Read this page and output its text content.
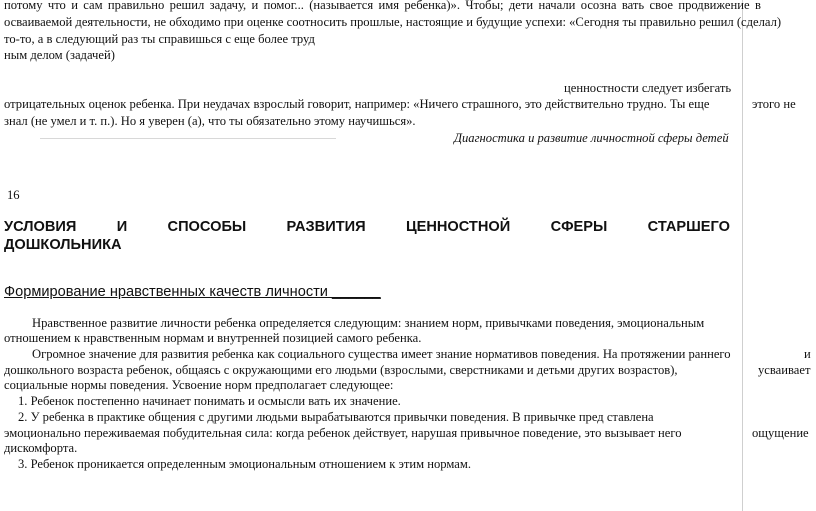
потому что и сам правильно решил задачу, и помог... (называется имя ребенка)». Чтобы; дети начали осозна вать свое продвижение в
осваиваемой деятельности, не обходимо при оценке соотносить прошлые, настоящие и будущие успехи: «Сегодня ты правильно решил (сделал)
то-то, а в следующий раз ты справишься с еще более труд
ным делом (задачей)
ценностности следует избегать
этого не
отрицательных оценок ребенка. При неудачах взрослый говорит, например: «Ничего страшного, это действительно трудно. Ты еще
знал (не умел и т. п.). Но я уверен (а), что ты обязательно этому научишься».
Диагностика и развитие личностной сферы детей
16
УСЛОВИЯ	И	СПОСОБЫ	РАЗВИТИЯ	ЦЕННОСТНОЙ	СФЕРЫ	СТАРШЕГО
ДОШКОЛЬНИКА
Формирование нравственных качеств личности ______
Нравственное развитие личности ребенка определяется следующим: знанием норм, привычками поведения, эмоциональным
отношением к нравственным нормам и внутренней позицией самого ребенка.
Огромное значение для развития ребенка как социального существа имеет знание нормативов поведения. На протяжении раннего	и
дошкольного возраста ребенок, общаясь с окружающими его людьми (взрослыми, сверстниками и детьми других возрастов),	усваивает
социальные нормы поведения. Усвоение норм предполагает следующее:
1. Ребенок постепенно начинает понимать и осмысли вать их значение.
2. У ребенка в практике общения с другими людьми вырабатываются привычки поведения. В привычке пред ставлена
эмоционально переживаемая побудительная сила: когда ребенок действует, нарушая привычное поведение, это вызывает него	ощущение
дискомфорта.
3. Ребенок проникается определенным эмоциональным отношением к этим нормам.
